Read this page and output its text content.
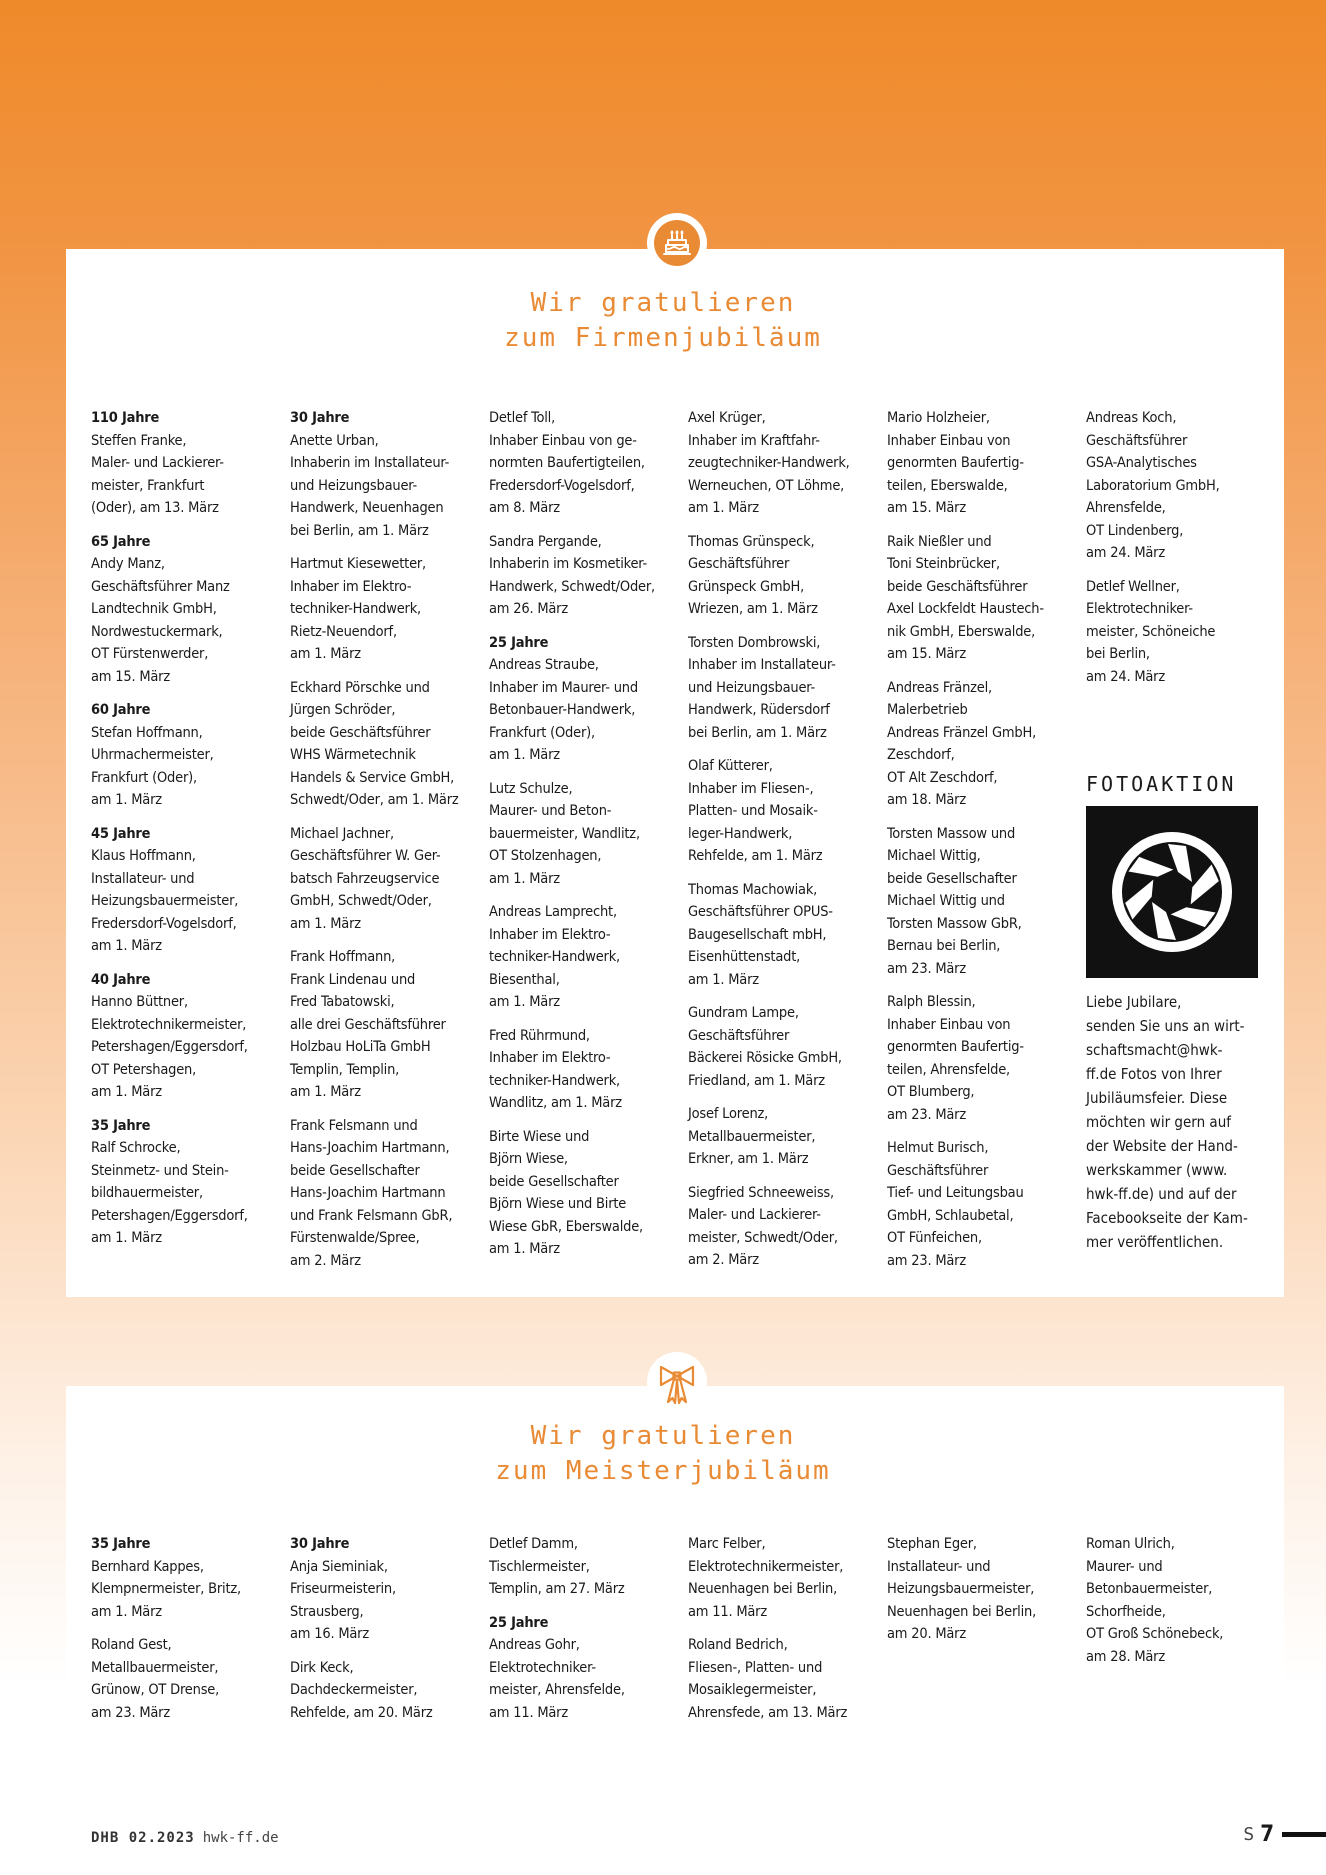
Wir gratulieren
zum Firmenjubiläum
110 Jahre
Steffen Franke,
Maler- und Lackierer-
meister, Frankfurt
(Oder), am 13. März
65 Jahre
Andy Manz,
Geschäftsführer Manz
Landtechnik GmbH,
Nordwestuckermark,
OT Fürstenwerder,
am 15. März
60 Jahre
Stefan Hoffmann,
Uhrmachermeister,
Frankfurt (Oder),
am 1. März
45 Jahre
Klaus Hoffmann,
Installateur- und
Heizungsbauermeister,
Fredersdorf-Vogelsdorf,
am 1. März
40 Jahre
Hanno Büttner,
Elektrotechnikermeister,
Petershagen/Eggersdorf,
OT Petershagen,
am 1. März
35 Jahre
Ralf Schrocke,
Steinmetz- und Stein-
bildhauermeister,
Petershagen/Eggersdorf,
am 1. März
30 Jahre
Anette Urban,
Inhaberin im Installateur-
und Heizungsbauer-
Handwerk, Neuenhagen
bei Berlin, am 1. März
Hartmut Kiesewetter,
Inhaber im Elektro-
techniker-Handwerk,
Rietz-Neuendorf,
am 1. März
Eckhard Pörschke und
Jürgen Schröder,
beide Geschäftsführer
WHS Wärmetechnik
Handels & Service GmbH,
Schwedt/Oder, am 1. März
Michael Jachner,
Geschäftsführer W. Ger-
batsch Fahrzeugservice
GmbH, Schwedt/Oder,
am 1. März
Frank Hoffmann,
Frank Lindenau und
Fred Tabatowski,
alle drei Geschäftsführer
Holzbau HoLiTa GmbH
Templin, Templin,
am 1. März
Frank Felsmann und
Hans-Joachim Hartmann,
beide Gesellschafter
Hans-Joachim Hartmann
und Frank Felsmann GbR,
Fürstenwalde/Spree,
am 2. März
Detlef Toll,
Inhaber Einbau von ge-
normten Baufertigteilen,
Fredersdorf-Vogelsdorf,
am 8. März
Sandra Pergande,
Inhaberin im Kosmetiker-
Handwerk, Schwedt/Oder,
am 26. März
25 Jahre
Andreas Straube,
Inhaber im Maurer- und
Betonbauer-Handwerk,
Frankfurt (Oder),
am 1. März
Lutz Schulze,
Maurer- und Beton-
bauermeister, Wandlitz,
OT Stolzenhagen,
am 1. März
Andreas Lamprecht,
Inhaber im Elektro-
techniker-Handwerk,
Biesenthal,
am 1. März
Fred Rührmund,
Inhaber im Elektro-
techniker-Handwerk,
Wandlitz, am 1. März
Birte Wiese und
Björn Wiese,
beide Gesellschafter
Björn Wiese und Birte
Wiese GbR, Eberswalde,
am 1. März
Axel Krüger,
Inhaber im Kraftfahr-
zeugtechniker-Handwerk,
Werneuchen, OT Löhme,
am 1. März
Thomas Grünspeck,
Geschäftsführer
Grünspeck GmbH,
Wriezen, am 1. März
Torsten Dombrowski,
Inhaber im Installateur-
und Heizungsbauer-
Handwerk, Rüdersdorf
bei Berlin, am 1. März
Olaf Kütterer,
Inhaber im Fliesen-,
Platten- und Mosaik-
leger-Handwerk,
Rehfelde, am 1. März
Thomas Machowiak,
Geschäftsführer OPUS-
Baugesellschaft mbH,
Eisenhüttenstadt,
am 1. März
Gundram Lampe,
Geschäftsführer
Bäckerei Rösicke GmbH,
Friedland, am 1. März
Josef Lorenz,
Metallbauermeister,
Erkner, am 1. März
Siegfried Schneeweiss,
Maler- und Lackierer-
meister, Schwedt/Oder,
am 2. März
Mario Holzheier,
Inhaber Einbau von
genormten Baufertig-
teilen, Eberswalde,
am 15. März
Raik Nießler und
Toni Steinbrücker,
beide Geschäftsführer
Axel Lockfeldt Haustech-
nik GmbH, Eberswalde,
am 15. März
Andreas Fränzel,
Malerbetrieb
Andreas Fränzel GmbH,
Zeschdorf,
OT Alt Zeschdorf,
am 18. März
Torsten Massow und
Michael Wittig,
beide Gesellschafter
Michael Wittig und
Torsten Massow GbR,
Bernau bei Berlin,
am 23. März
Ralph Blessin,
Inhaber Einbau von
genormten Baufertig-
teilen, Ahrensfelde,
OT Blumberg,
am 23. März
Helmut Burisch,
Geschäftsführer
Tief- und Leitungsbau
GmbH, Schlaubetal,
OT Fünfeichen,
am 23. März
Andreas Koch,
Geschäftsführer
GSA-Analytisches
Laboratorium GmbH,
Ahrensfelde,
OT Lindenberg,
am 24. März
Detlef Wellner,
Elektrotechniker-
meister, Schöneiche
bei Berlin,
am 24. März
FOTOAKTION
Liebe Jubilare,
senden Sie uns an wirt-
schaftsmacht@hwk-
ff.de Fotos von Ihrer
Jubiläumsfeier. Diese
möchten wir gern auf
der Website der Hand-
werkskammer (www.
hwk-ff.de) und auf der
Facebookseite der Kam-
mer veröffentlichen.
Wir gratulieren
zum Meisterjubiläum
35 Jahre
Bernhard Kappes,
Klempnermeister, Britz,
am 1. März
Roland Gest,
Metallbauermeister,
Grünow, OT Drense,
am 23. März
30 Jahre
Anja Sieminiak,
Friseurmeisterin,
Strausberg,
am 16. März
Dirk Keck,
Dachdeckermeister,
Rehfelde, am 20. März
Detlef Damm,
Tischlermeister,
Templin, am 27. März
25 Jahre
Andreas Gohr,
Elektrotechniker-
meister, Ahrensfelde,
am 11. März
Marc Felber,
Elektrotechnikermeister,
Neuenhagen bei Berlin,
am 11. März
Roland Bedrich,
Fliesen-, Platten- und
Mosaiklegermeister,
Ahrensfede, am 13. März
Stephan Eger,
Installateur- und
Heizungsbauermeister,
Neuenhagen bei Berlin,
am 20. März
Roman Ulrich,
Maurer- und
Betonbauermeister,
Schorfheide,
OT Groß Schönebeck,
am 28. März
DHB 02.2023 hwk-ff.de	S 7
